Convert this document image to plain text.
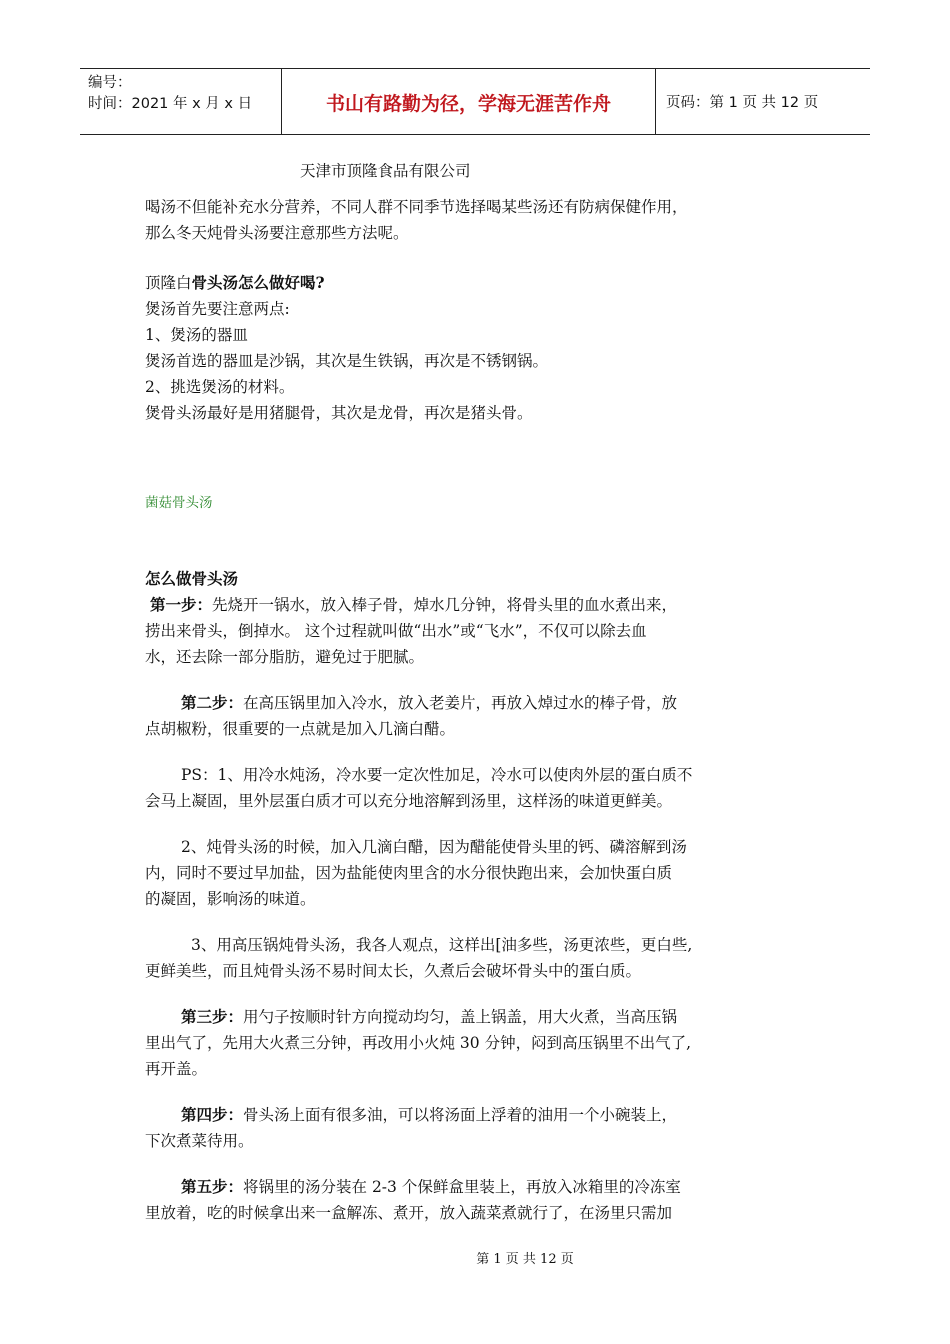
编号：
时间：2021 年 x 月 x 日	书山有路勤为径，学海无涯苦作舟	页码：第 1 页 共 12 页

天津市顶隆食品有限公司

喝汤不但能补充水分营养，不同人群不同季节选择喝某些汤还有防病保健作用，

那么冬天炖骨头汤要注意那些方法呢。

顶隆白骨头汤怎么做好喝?

煲汤首先要注意两点:

1、煲汤的器皿

煲汤首选的器皿是沙锅，其次是生铁锅，再次是不锈钢锅。

2、挑选煲汤的材料。

煲骨头汤最好是用猪腿骨，其次是龙骨，再次是猪头骨。

菌菇骨头汤

怎么做骨头汤

第一步：先烧开一锅水，放入棒子骨，焯水几分钟，将骨头里的血水煮出来，

捞出来骨头，倒掉水。 这个过程就叫做“出水”或“飞水”，不仅可以除去血

水，还去除一部分脂肪，避免过于肥腻。

第二步：在高压锅里加入冷水，放入老姜片，再放入焯过水的棒子骨，放

点胡椒粉，很重要的一点就是加入几滴白醋。

PS：1、用冷水炖汤，冷水要一定次性加足，冷水可以使肉外层的蛋白质不

会马上凝固，里外层蛋白质才可以充分地溶解到汤里，这样汤的味道更鲜美。

2、炖骨头汤的时候，加入几滴白醋，因为醋能使骨头里的钙、磷溶解到汤

内，同时不要过早加盐，因为盐能使肉里含的水分很快跑出来，会加快蛋白质

的凝固，影响汤的味道。

3、用高压锅炖骨头汤，我各人观点，这样出[油多些，汤更浓些，更白些,

更鲜美些，而且炖骨头汤不易时间太长，久煮后会破坏骨头中的蛋白质。

第三步：用勺子按顺时针方向搅动均匀，盖上锅盖，用大火煮，当高压锅

里出气了，先用大火煮三分钟，再改用小火炖 30 分钟，闷到高压锅里不出气了,

再开盖。

第四步：骨头汤上面有很多油，可以将汤面上浮着的油用一个小碗装上，

下次煮菜待用。

第五步：将锅里的汤分装在 2-3 个保鲜盒里装上，再放入冰箱里的冷冻室

里放着，吃的时候拿出来一盒解冻、煮开，放入蔬菜煮就行了，在汤里只需加

第 1 页 共 12 页
